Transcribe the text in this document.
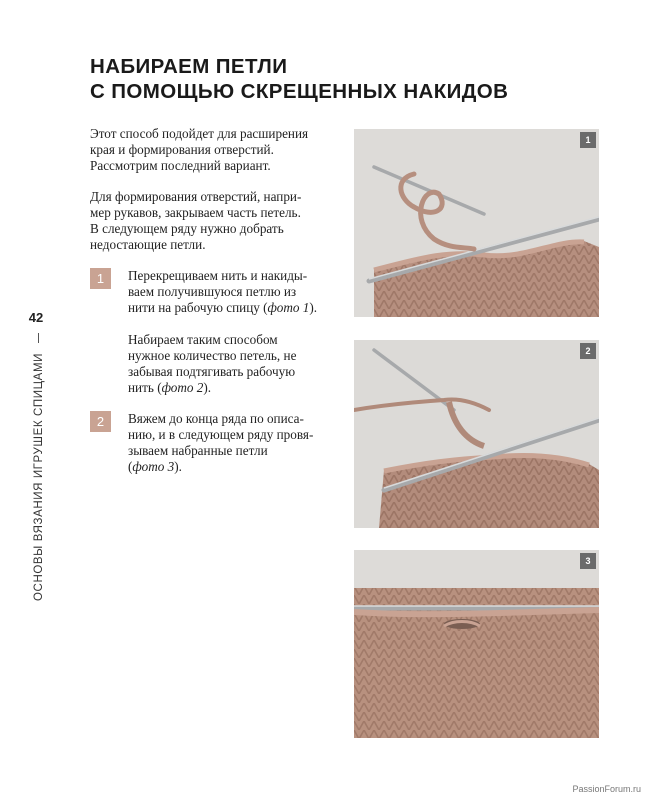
ОСНОВЫ ВЯЗАНИЯ ИГРУШЕК СПИЦАМИ
42
НАБИРАЕМ ПЕТЛИ
С ПОМОЩЬЮ СКРЕЩЕННЫХ НАКИДОВ

Этот способ подойдет для расширения
края и формирования отверстий.
Рассмотрим последний вариант.

Для формирования отверстий, напри-
мер рукавов, закрываем часть петель.
В следующем ряду нужно добрать
недостающие петли.

1	Перекрещиваем нить и накиды-
ваем получившуюся петлю из
нити на рабочую спицу (фото 1).

Набираем таким способом
нужное количество петель, не
забывая подтягивать рабочую
нить (фото 2).

2	Вяжем до конца ряда по описа-
нию, и в следующем ряду провя-
зываем набранные петли
(фото 3).

1
2
3
PassionForum.ru
